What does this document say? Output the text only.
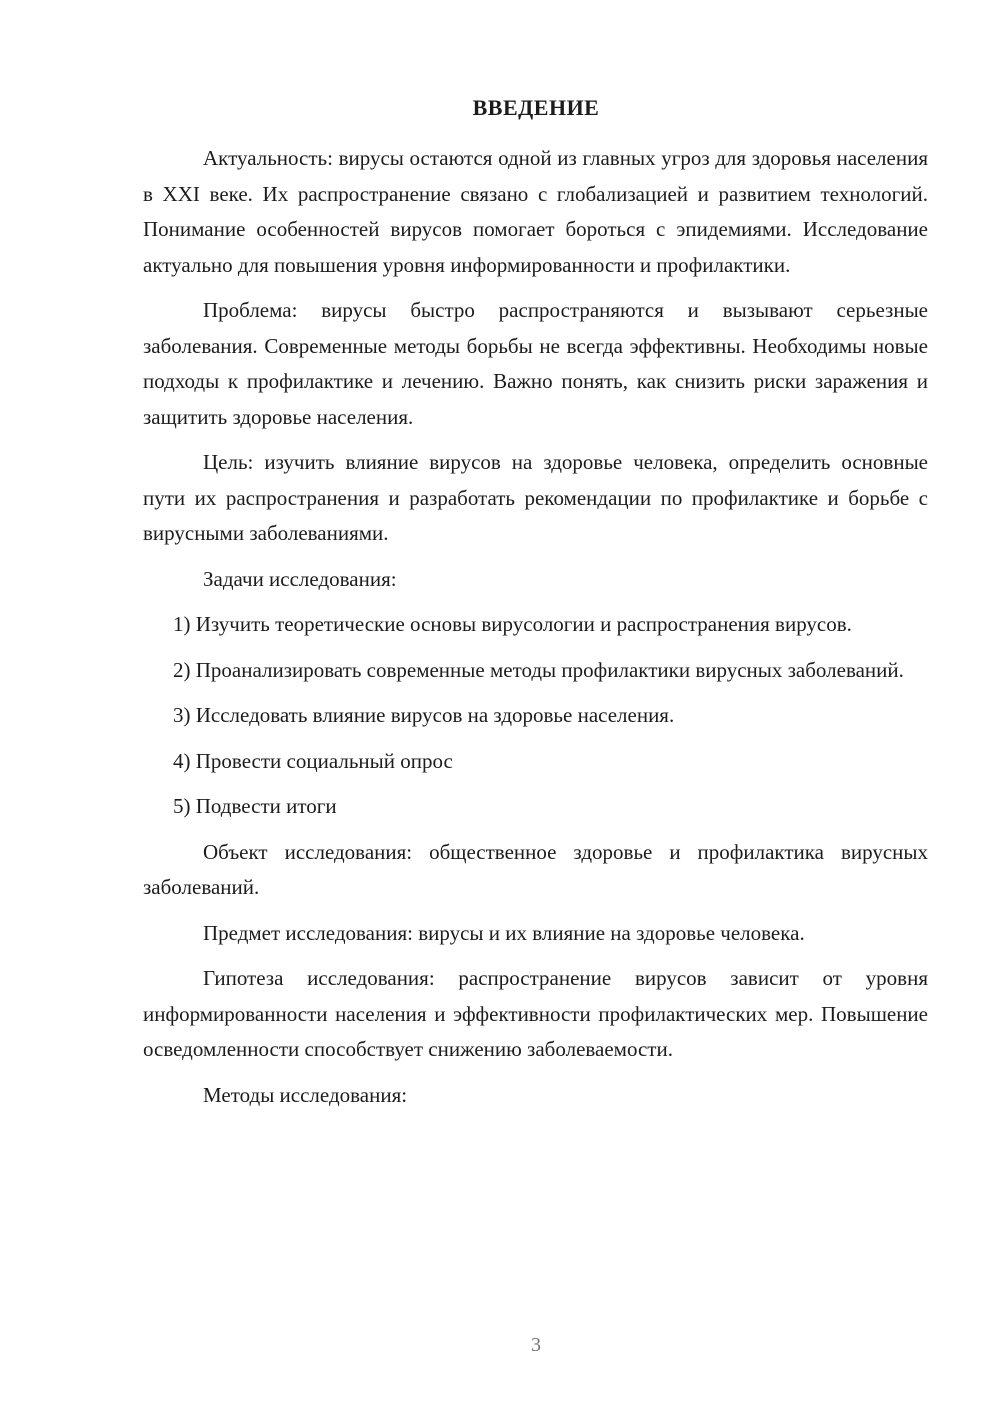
ВВЕДЕНИЕ

Актуальность: вирусы остаются одной из главных угроз для здоровья населения в XXI веке. Их распространение связано с глобализацией и развитием технологий. Понимание особенностей вирусов помогает бороться с эпидемиями. Исследование актуально для повышения уровня информированности и профилактики.

Проблема: вирусы быстро распространяются и вызывают серьезные заболевания. Современные методы борьбы не всегда эффективны. Необходимы новые подходы к профилактике и лечению. Важно понять, как снизить риски заражения и защитить здоровье населения.

Цель: изучить влияние вирусов на здоровье человека, определить основные пути их распространения и разработать рекомендации по профилактике и борьбе с вирусными заболеваниями.

Задачи исследования:

1) Изучить теоретические основы вирусологии и распространения вирусов.

2) Проанализировать современные методы профилактики вирусных заболеваний.

3) Исследовать влияние вирусов на здоровье населения.

4) Провести социальный опрос

5) Подвести итоги

Объект исследования: общественное здоровье и профилактика вирусных заболеваний.

Предмет исследования: вирусы и их влияние на здоровье человека.

Гипотеза исследования: распространение вирусов зависит от уровня информированности населения и эффективности профилактических мер. Повышение осведомленности способствует снижению заболеваемости.

Методы исследования:

3
